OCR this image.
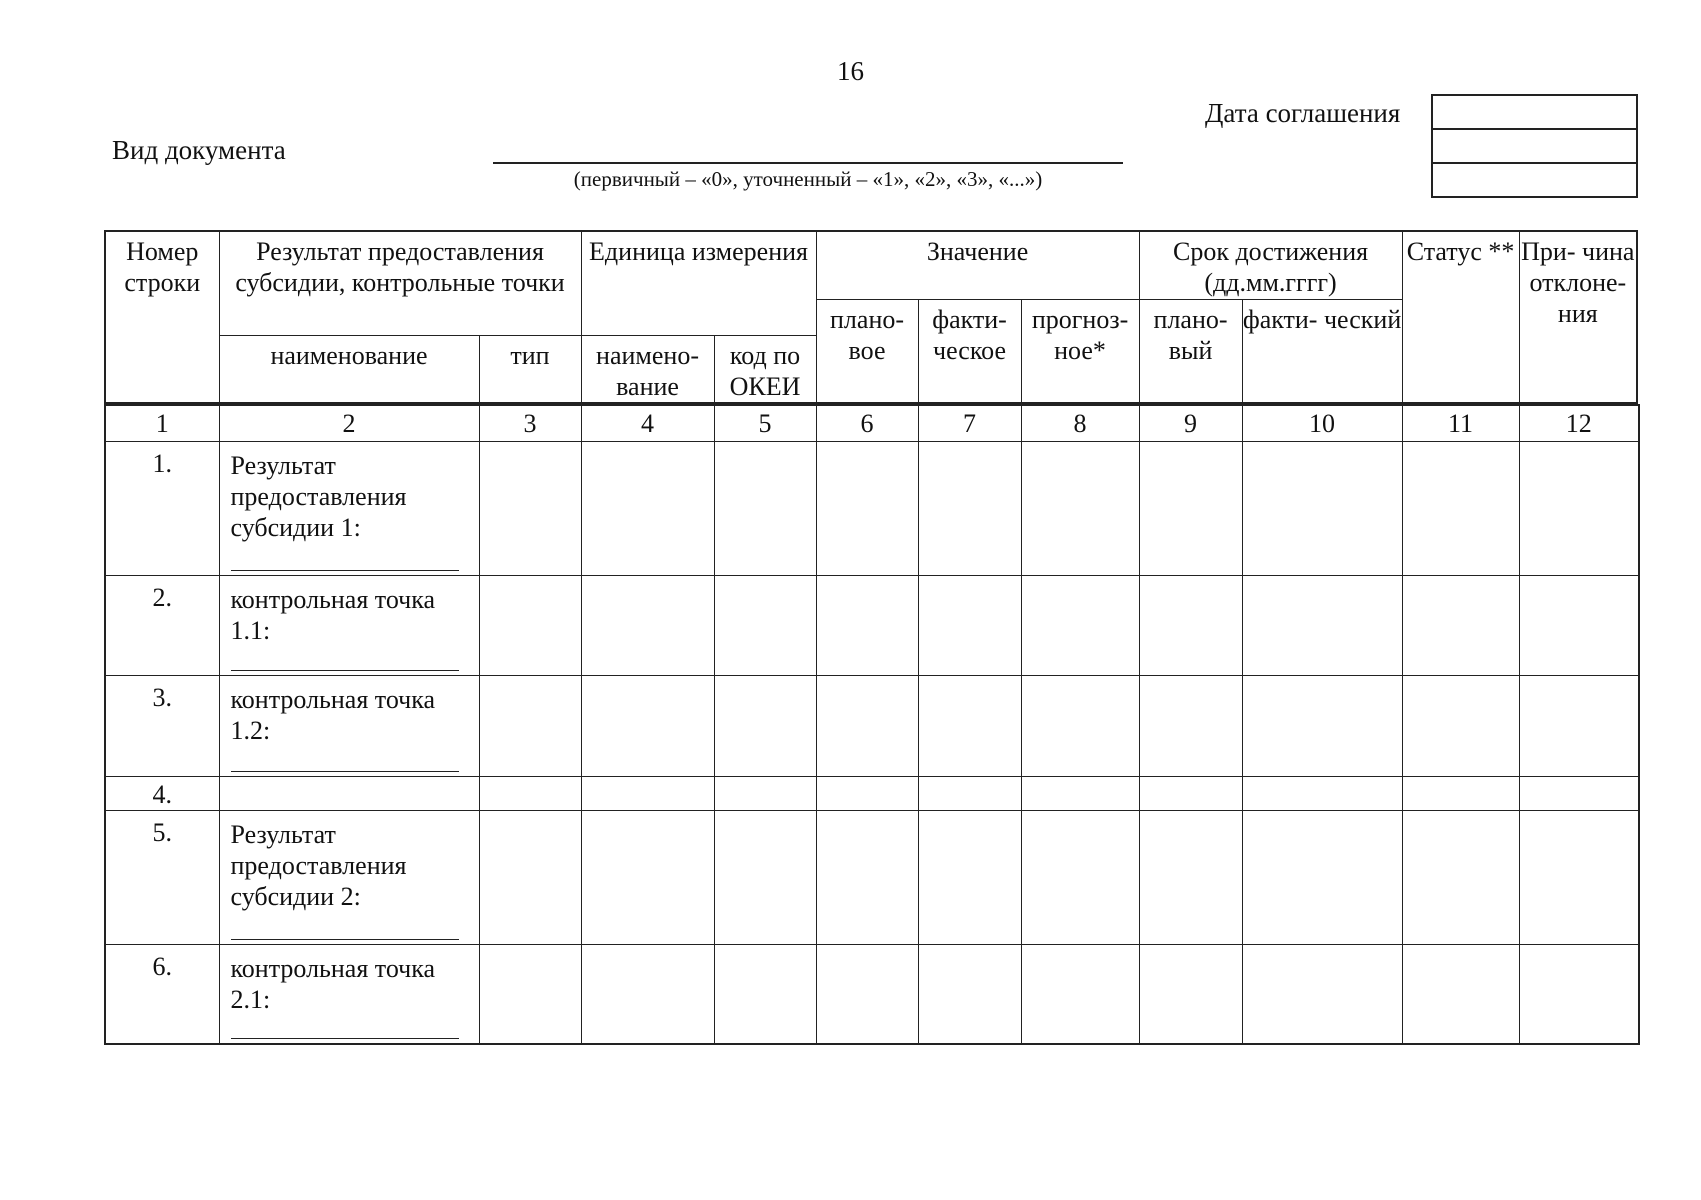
16
Дата соглашения
Вид документа
(первичный – «0», уточненный – «1», «2», «3», «...»)
Номер строки	Результат предоставления субсидии, контрольные точки		Единица измерения		Значение			Срок достижения (дд.мм.гггг)		Статус **	При- чина отклоне- ния
					плано- вое	факти- ческое	прогноз- ное*	плано- вый	факти- ческий		
	наименование	тип	наимено- вание	код по ОКЕИ							
1	2	3	4	5	6	7	8	9	10	11	12
1.	Результат предоставления субсидии 1:

2.	контрольная точка 1.1:

3.	контрольная точка 1.2:

4.											
5.	Результат предоставления субсидии 2:

6.	контрольная точка 2.1:
